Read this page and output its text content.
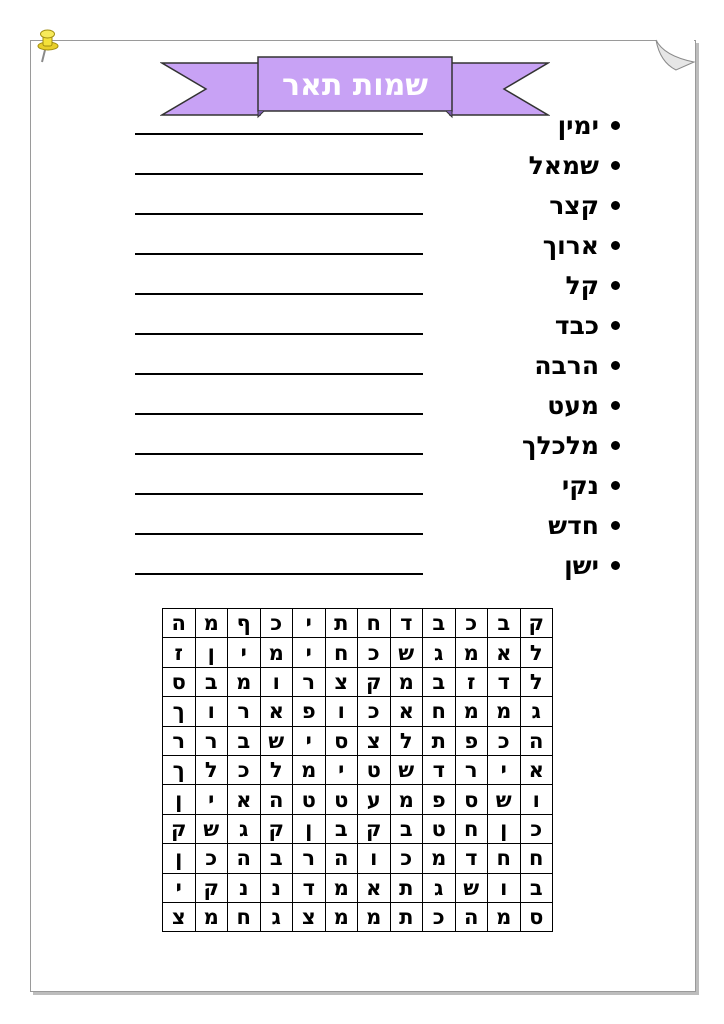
שמות תאר
ימין
שמאל
קצר
ארוך
קל
כבד
הרבה
מעט
מלכלך
נקי
חדש
ישן
ה	מ	ף	כ	י	ת	ח	ד	ב	כ	ב	ק
ז	ן	י	מ	י	ח	כ	ש	ג	מ	א	ל
ס	ב	מ	ו	ר	צ	ק	מ	ב	ז	ד	ל
ך	ו	ר	א	פ	ו	כ	א	ח	מ	מ	ג
ר	ר	ב	ש	י	ס	צ	ל	ת	פ	כ	ה
ך	ל	כ	ל	מ	י	ט	ש	ד	ר	י	א
ן	י	א	ה	ט	ט	ע	מ	פ	ס	ש	ו
ק	ש	ג	ק	ן	ב	ק	ב	ט	ח	ן	כ
ן	כ	ה	ב	ר	ה	ו	כ	מ	ד	ח	ח
י	ק	נ	נ	ד	מ	א	ת	ג	ש	ו	ב
צ	מ	ח	ג	צ	מ	מ	ת	כ	ה	מ	ס
